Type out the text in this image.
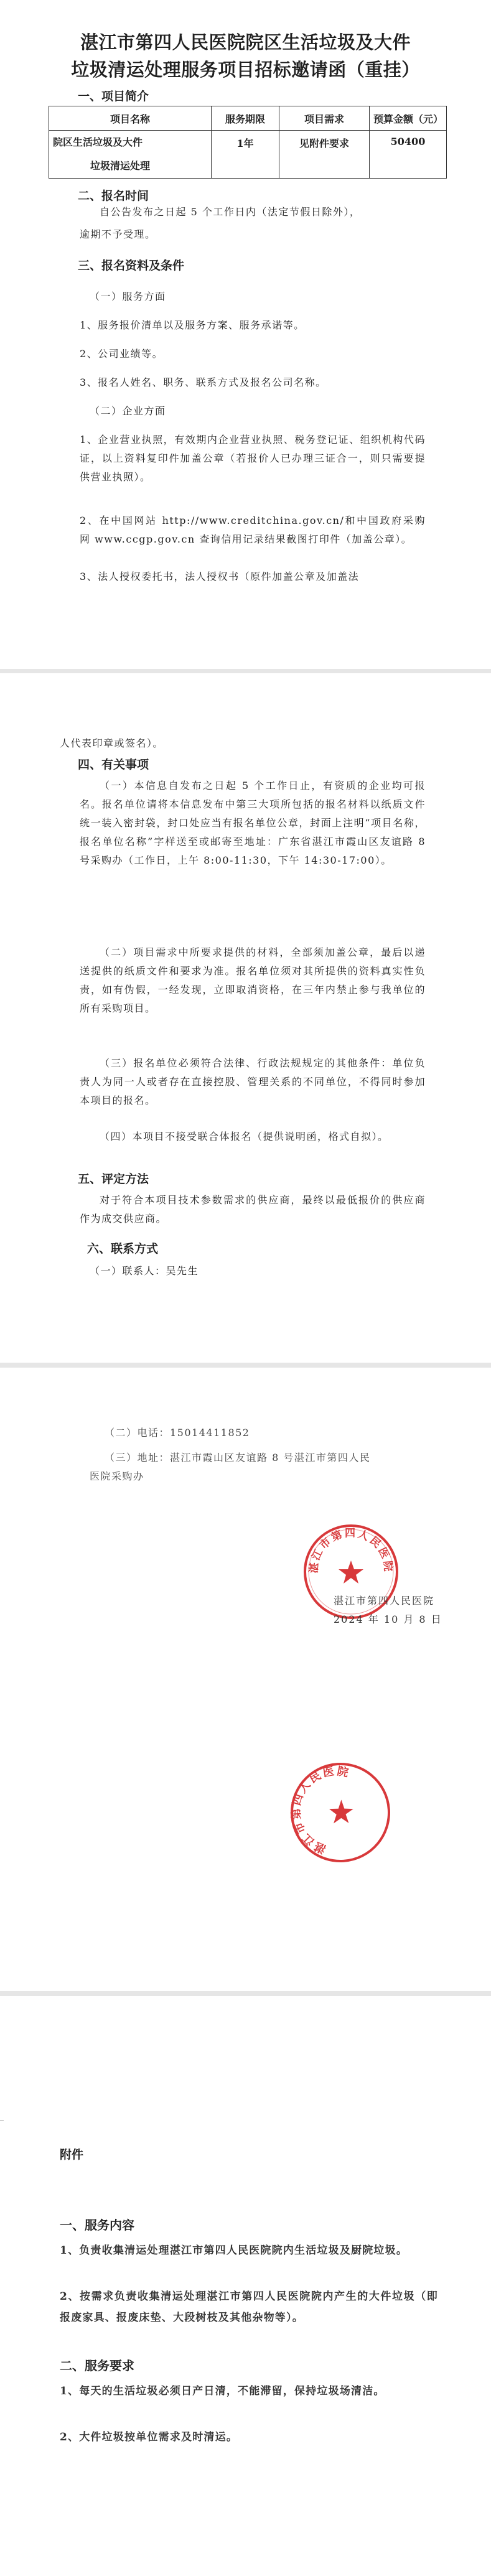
湛江市第四人民医院院区生活垃圾及大件
垃圾清运处理服务项目招标邀请函（重挂）
一、项目简介
项目名称	服务期限	项目需求	预算金额（元）

院区生活垃圾及大件
垃圾清运处理	1年	见附件要求	50400
二、报名时间
自公告发布之日起 5 个工作日内（法定节假日除外），
逾期不予受理。
三、报名资料及条件
（一）服务方面
1、服务报价清单以及服务方案、服务承诺等。
2、公司业绩等。
3、报名人姓名、职务、联系方式及报名公司名称。
（二）企业方面
1、企业营业执照，有效期内企业营业执照、税务登记证、组织机构代码证，以上资料复印件加盖公章（若报价人已办理三证合一，则只需要提供营业执照）。
2、在中国网站 http://www.creditchina.gov.cn/和中国政府采购网 www.ccgp.gov.cn 查询信用记录结果截图打印件（加盖公章）。
3、法人授权委托书，法人授权书（原件加盖公章及加盖法
人代表印章或签名）。
四、有关事项
（一）本信息自发布之日起 5 个工作日止，有资质的企业均可报名。报名单位请将本信息发布中第三大项所包括的报名材料以纸质文件统一装入密封袋，封口处应当有报名单位公章，封面上注明“项目名称，报名单位名称”字样送至或邮寄至地址：广东省湛江市霞山区友谊路 8 号采购办（工作日，上午 8:00-11:30，下午 14:30-17:00）。
（二）项目需求中所要求提供的材料，全部须加盖公章，最后以递送提供的纸质文件和要求为准。报名单位须对其所提供的资料真实性负责，如有伪假，一经发现，立即取消资格，在三年内禁止参与我单位的所有采购项目。
（三）报名单位必须符合法律、行政法规规定的其他条件：单位负责人为同一人或者存在直接控股、管理关系的不同单位，不得同时参加本项目的报名。
（四）本项目不接受联合体报名（提供说明函，格式自拟）。
五、评定方法
对于符合本项目技术参数需求的供应商，最终以最低报价的供应商作为成交供应商。
六、联系方式
（一）联系人：吴先生
（二）电话：15014411852
（三）地址：湛江市霞山区友谊路 8 号湛江市第四人民
医院采购办
湛江市第四人民医院
湛江市第四人民医院
2024 年 10 月 8 日
湛江市第四人民医院
附件
一、服务内容
1、负责收集清运处理湛江市第四人民医院院内生活垃圾及厨院垃圾。
2、按需求负责收集清运处理湛江市第四人民医院院内产生的大件垃圾（即报废家具、报废床垫、大段树枝及其他杂物等）。
二、服务要求
1、每天的生活垃圾必须日产日清，不能滞留，保持垃圾场清洁。
2、大件垃圾按单位需求及时清运。
